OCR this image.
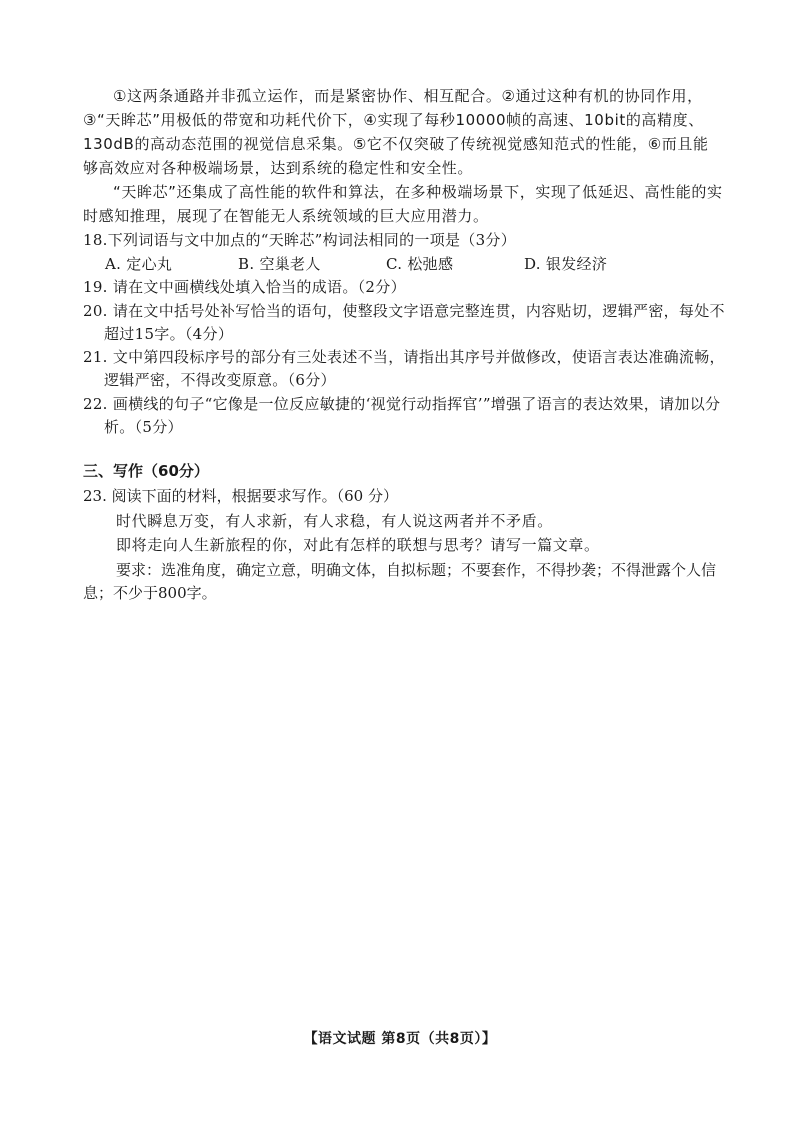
①这两条通路并非孤立运作，而是紧密协作、相互配合。②通过这种有机的协同作用，③“天眸芯”用极低的带宽和功耗代价下，④实现了每秒10000帧的高速、10bit的高精度、130dB的高动态范围的视觉信息采集。⑤它不仅突破了传统视觉感知范式的性能，⑥而且能够高效应对各种极端场景，达到系统的稳定性和安全性。

“天眸芯”还集成了高性能的软件和算法，在多种极端场景下，实现了低延迟、高性能的实时感知推理，展现了在智能无人系统领域的巨大应用潜力。

18.下列词语与文中加点的“天眸芯”构词法相同的一项是（3分）
A. 定心丸	B. 空巢老人	C. 松弛感	D. 银发经济
19. 请在文中画横线处填入恰当的成语。（2分）
20. 请在文中括号处补写恰当的语句，使整段文字语意完整连贯，内容贴切，逻辑严密，每处不超过15字。（4分）
21. 文中第四段标序号的部分有三处表述不当，请指出其序号并做修改，使语言表达准确流畅，逻辑严密，不得改变原意。（6分）
22. 画横线的句子“它像是一位反应敏捷的‘视觉行动指挥官’”增强了语言的表达效果，请加以分析。（5分）
三、写作（60分）

23. 阅读下面的材料，根据要求写作。（60 分）

时代瞬息万变，有人求新，有人求稳，有人说这两者并不矛盾。

即将走向人生新旅程的你，对此有怎样的联想与思考？请写一篇文章。

要求：选准角度，确定立意，明确文体，自拟标题；不要套作，不得抄袭；不得泄露个人信息；不少于800字。

【语文试题 第8页（共8页）】
